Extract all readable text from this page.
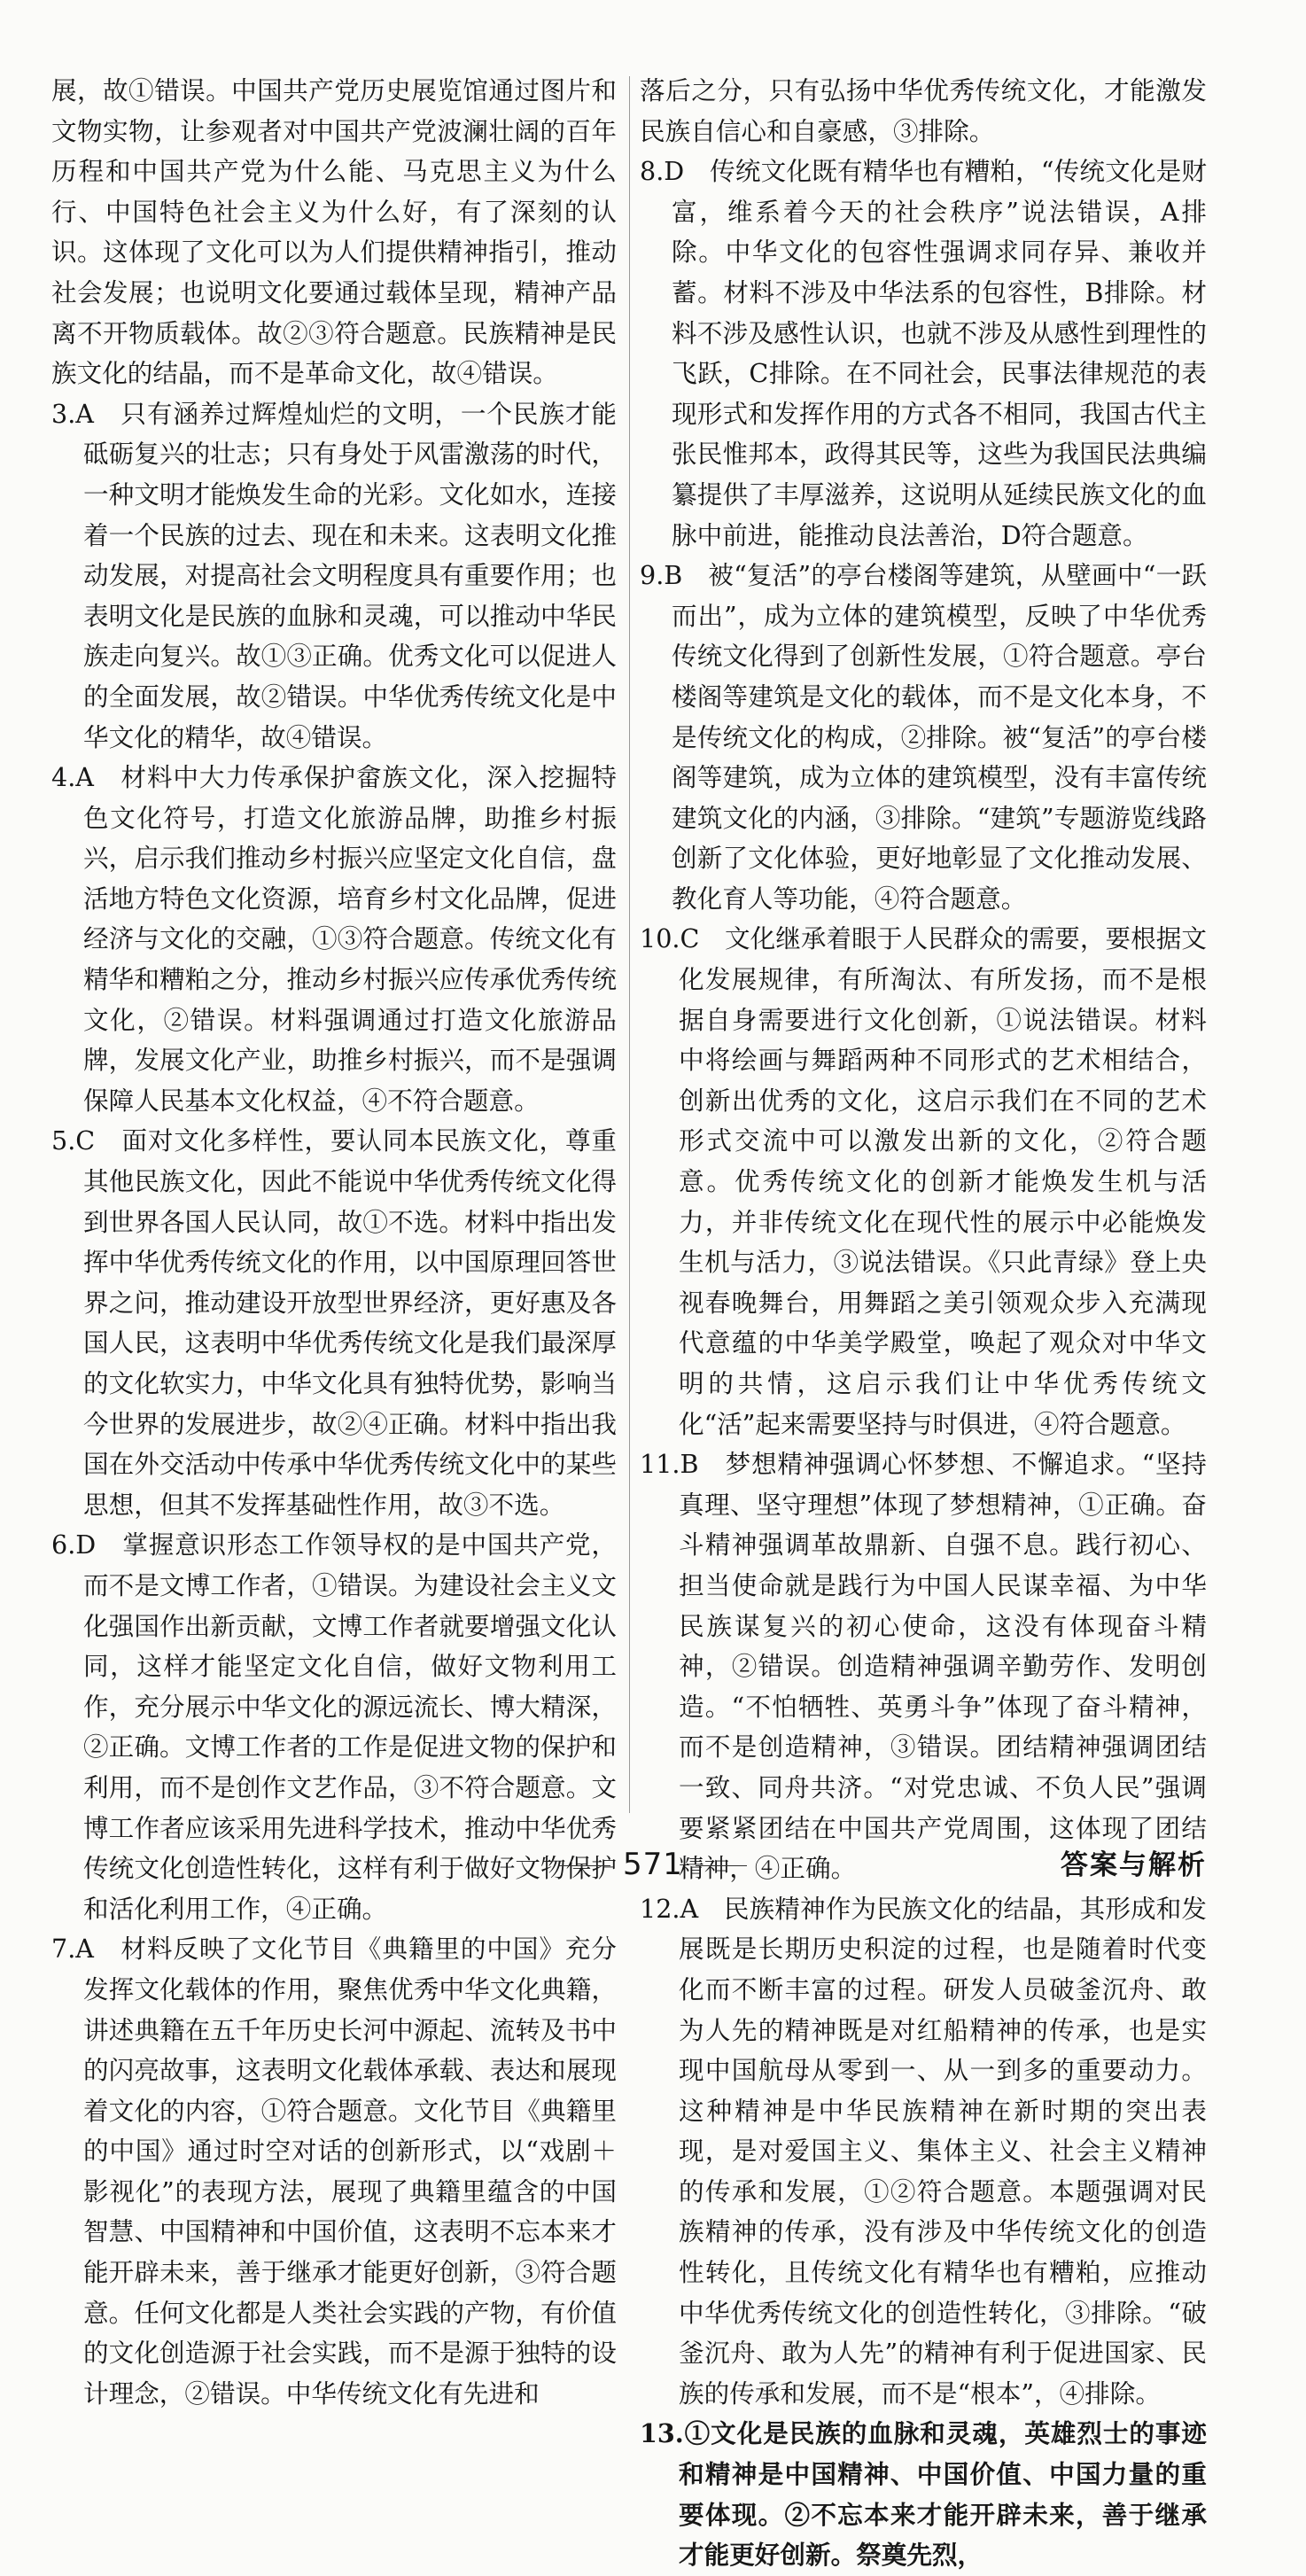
展，故①错误。中国共产党历史展览馆通过图片和文物实物，让参观者对中国共产党波澜壮阔的百年历程和中国共产党为什么能、马克思主义为什么行、中国特色社会主义为什么好，有了深刻的认识。这体现了文化可以为人们提供精神指引，推动社会发展；也说明文化要通过载体呈现，精神产品离不开物质载体。故②③符合题意。民族精神是民族文化的结晶，而不是革命文化，故④错误。

3.A　只有涵养过辉煌灿烂的文明，一个民族才能砥砺复兴的壮志；只有身处于风雷激荡的时代，一种文明才能焕发生命的光彩。文化如水，连接着一个民族的过去、现在和未来。这表明文化推动发展，对提高社会文明程度具有重要作用；也表明文化是民族的血脉和灵魂，可以推动中华民族走向复兴。故①③正确。优秀文化可以促进人的全面发展，故②错误。中华优秀传统文化是中华文化的精华，故④错误。

4.A　材料中大力传承保护畲族文化，深入挖掘特色文化符号，打造文化旅游品牌，助推乡村振兴，启示我们推动乡村振兴应坚定文化自信，盘活地方特色文化资源，培育乡村文化品牌，促进经济与文化的交融，①③符合题意。传统文化有精华和糟粕之分，推动乡村振兴应传承优秀传统文化，②错误。材料强调通过打造文化旅游品牌，发展文化产业，助推乡村振兴，而不是强调保障人民基本文化权益，④不符合题意。

5.C　面对文化多样性，要认同本民族文化，尊重其他民族文化，因此不能说中华优秀传统文化得到世界各国人民认同，故①不选。材料中指出发挥中华优秀传统文化的作用，以中国原理回答世界之问，推动建设开放型世界经济，更好惠及各国人民，这表明中华优秀传统文化是我们最深厚的文化软实力，中华文化具有独特优势，影响当今世界的发展进步，故②④正确。材料中指出我国在外交活动中传承中华优秀传统文化中的某些思想，但其不发挥基础性作用，故③不选。

6.D　掌握意识形态工作领导权的是中国共产党，而不是文博工作者，①错误。为建设社会主义文化强国作出新贡献，文博工作者就要增强文化认同，这样才能坚定文化自信，做好文物利用工作，充分展示中华文化的源远流长、博大精深，②正确。文博工作者的工作是促进文物的保护和利用，而不是创作文艺作品，③不符合题意。文博工作者应该采用先进科学技术，推动中华优秀传统文化创造性转化，这样有利于做好文物保护和活化利用工作，④正确。

7.A　材料反映了文化节目《典籍里的中国》充分发挥文化载体的作用，聚焦优秀中华文化典籍，讲述典籍在五千年历史长河中源起、流转及书中的闪亮故事，这表明文化载体承载、表达和展现着文化的内容，①符合题意。文化节目《典籍里的中国》通过时空对话的创新形式，以“戏剧＋影视化”的表现方法，展现了典籍里蕴含的中国智慧、中国精神和中国价值，这表明不忘本来才能开辟未来，善于继承才能更好创新，③符合题意。任何文化都是人类社会实践的产物，有价值的文化创造源于社会实践，而不是源于独特的设计理念，②错误。中华传统文化有先进和

落后之分，只有弘扬中华优秀传统文化，才能激发民族自信心和自豪感，③排除。

8.D　传统文化既有精华也有糟粕，“传统文化是财富，维系着今天的社会秩序”说法错误，A排除。中华文化的包容性强调求同存异、兼收并蓄。材料不涉及中华法系的包容性，B排除。材料不涉及感性认识，也就不涉及从感性到理性的飞跃，C排除。在不同社会，民事法律规范的表现形式和发挥作用的方式各不相同，我国古代主张民惟邦本，政得其民等，这些为我国民法典编纂提供了丰厚滋养，这说明从延续民族文化的血脉中前进，能推动良法善治，D符合题意。

9.B　被“复活”的亭台楼阁等建筑，从壁画中“一跃而出”，成为立体的建筑模型，反映了中华优秀传统文化得到了创新性发展，①符合题意。亭台楼阁等建筑是文化的载体，而不是文化本身，不是传统文化的构成，②排除。被“复活”的亭台楼阁等建筑，成为立体的建筑模型，没有丰富传统建筑文化的内涵，③排除。“建筑”专题游览线路创新了文化体验，更好地彰显了文化推动发展、教化育人等功能，④符合题意。

10.C　文化继承着眼于人民群众的需要，要根据文化发展规律，有所淘汰、有所发扬，而不是根据自身需要进行文化创新，①说法错误。材料中将绘画与舞蹈两种不同形式的艺术相结合，创新出优秀的文化，这启示我们在不同的艺术形式交流中可以激发出新的文化，②符合题意。优秀传统文化的创新才能焕发生机与活力，并非传统文化在现代性的展示中必能焕发生机与活力，③说法错误。《只此青绿》登上央视春晚舞台，用舞蹈之美引领观众步入充满现代意蕴的中华美学殿堂，唤起了观众对中华文明的共情，这启示我们让中华优秀传统文化“活”起来需要坚持与时俱进，④符合题意。

11.B　梦想精神强调心怀梦想、不懈追求。“坚持真理、坚守理想”体现了梦想精神，①正确。奋斗精神强调革故鼎新、自强不息。践行初心、担当使命就是践行为中国人民谋幸福、为中华民族谋复兴的初心使命，这没有体现奋斗精神，②错误。创造精神强调辛勤劳作、发明创造。“不怕牺牲、英勇斗争”体现了奋斗精神，而不是创造精神，③错误。团结精神强调团结一致、同舟共济。“对党忠诚、不负人民”强调要紧紧团结在中国共产党周围，这体现了团结精神，④正确。

12.A　民族精神作为民族文化的结晶，其形成和发展既是长期历史积淀的过程，也是随着时代变化而不断丰富的过程。研发人员破釜沉舟、敢为人先的精神既是对红船精神的传承，也是实现中国航母从零到一、从一到多的重要动力。这种精神是中华民族精神在新时期的突出表现，是对爱国主义、集体主义、社会主义精神的传承和发展，①②符合题意。本题强调对民族精神的传承，没有涉及中华传统文化的创造性转化，且传统文化有精华也有糟粕，应推动中华优秀传统文化的创造性转化，③排除。“破釜沉舟、敢为人先”的精神有利于促进国家、民族的传承和发展，而不是“根本”，④排除。

13.①文化是民族的血脉和灵魂，英雄烈士的事迹和精神是中国精神、中国价值、中国力量的重要体现。②不忘本来才能开辟未来，善于继承才能更好创新。祭奠先烈，

571	答案与解析
